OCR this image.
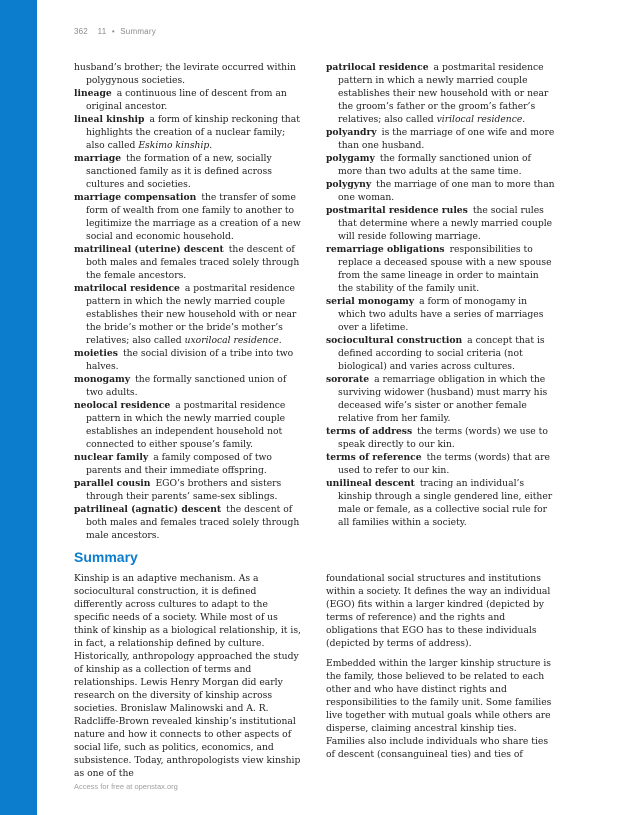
362 11 • Summary

husband’s brother; the levirate occurred within polygynous societies.

lineage a continuous line of descent from an original ancestor.

lineal kinship a form of kinship reckoning that highlights the creation of a nuclear family; also called Eskimo kinship.

marriage the formation of a new, socially sanctioned family as it is defined across cultures and societies.

marriage compensation the transfer of some form of wealth from one family to another to legitimize the marriage as a creation of a new social and economic household.

matrilineal (uterine) descent the descent of both males and females traced solely through the female ancestors.

matrilocal residence a postmarital residence pattern in which the newly married couple establishes their new household with or near the bride’s mother or the bride’s mother’s relatives; also called uxorilocal residence.

moieties the social division of a tribe into two halves.

monogamy the formally sanctioned union of two adults.

neolocal residence a postmarital residence pattern in which the newly married couple establishes an independent household not connected to either spouse’s family.

nuclear family a family composed of two parents and their immediate offspring.

parallel cousin EGO’s brothers and sisters through their parents’ same-sex siblings.

patrilineal (agnatic) descent the descent of both males and females traced solely through male ancestors.

patrilocal residence a postmarital residence pattern in which a newly married couple establishes their new household with or near the groom’s father or the groom’s father’s relatives; also called virilocal residence.

polyandry is the marriage of one wife and more than one husband.

polygamy the formally sanctioned union of more than two adults at the same time.

polygyny the marriage of one man to more than one woman.

postmarital residence rules the social rules that determine where a newly married couple will reside following marriage.

remarriage obligations responsibilities to replace a deceased spouse with a new spouse from the same lineage in order to maintain the stability of the family unit.

serial monogamy a form of monogamy in which two adults have a series of marriages over a lifetime.

sociocultural construction a concept that is defined according to social criteria (not biological) and varies across cultures.

sororate a remarriage obligation in which the surviving widower (husband) must marry his deceased wife’s sister or another female relative from her family.

terms of address the terms (words) we use to speak directly to our kin.

terms of reference the terms (words) that are used to refer to our kin.

unilineal descent tracing an individual’s kinship through a single gendered line, either male or female, as a collective social rule for all families within a society.

Summary

Kinship is an adaptive mechanism. As a sociocultural construction, it is defined differently across cultures to adapt to the specific needs of a society. While most of us think of kinship as a biological relationship, it is, in fact, a relationship defined by culture. Historically, anthropology approached the study of kinship as a collection of terms and relationships. Lewis Henry Morgan did early research on the diversity of kinship across societies. Bronislaw Malinowski and A. R. Radcliffe-Brown revealed kinship’s institutional nature and how it connects to other aspects of social life, such as politics, economics, and subsistence. Today, anthropologists view kinship as one of the

foundational social structures and institutions within a society. It defines the way an individual (EGO) fits within a larger kindred (depicted by terms of reference) and the rights and obligations that EGO has to these individuals (depicted by terms of address).

Embedded within the larger kinship structure is the family, those believed to be related to each other and who have distinct rights and responsibilities to the family unit. Some families live together with mutual goals while others are disperse, claiming ancestral kinship ties. Families also include individuals who share ties of descent (consanguineal ties) and ties of

Access for free at openstax.org
